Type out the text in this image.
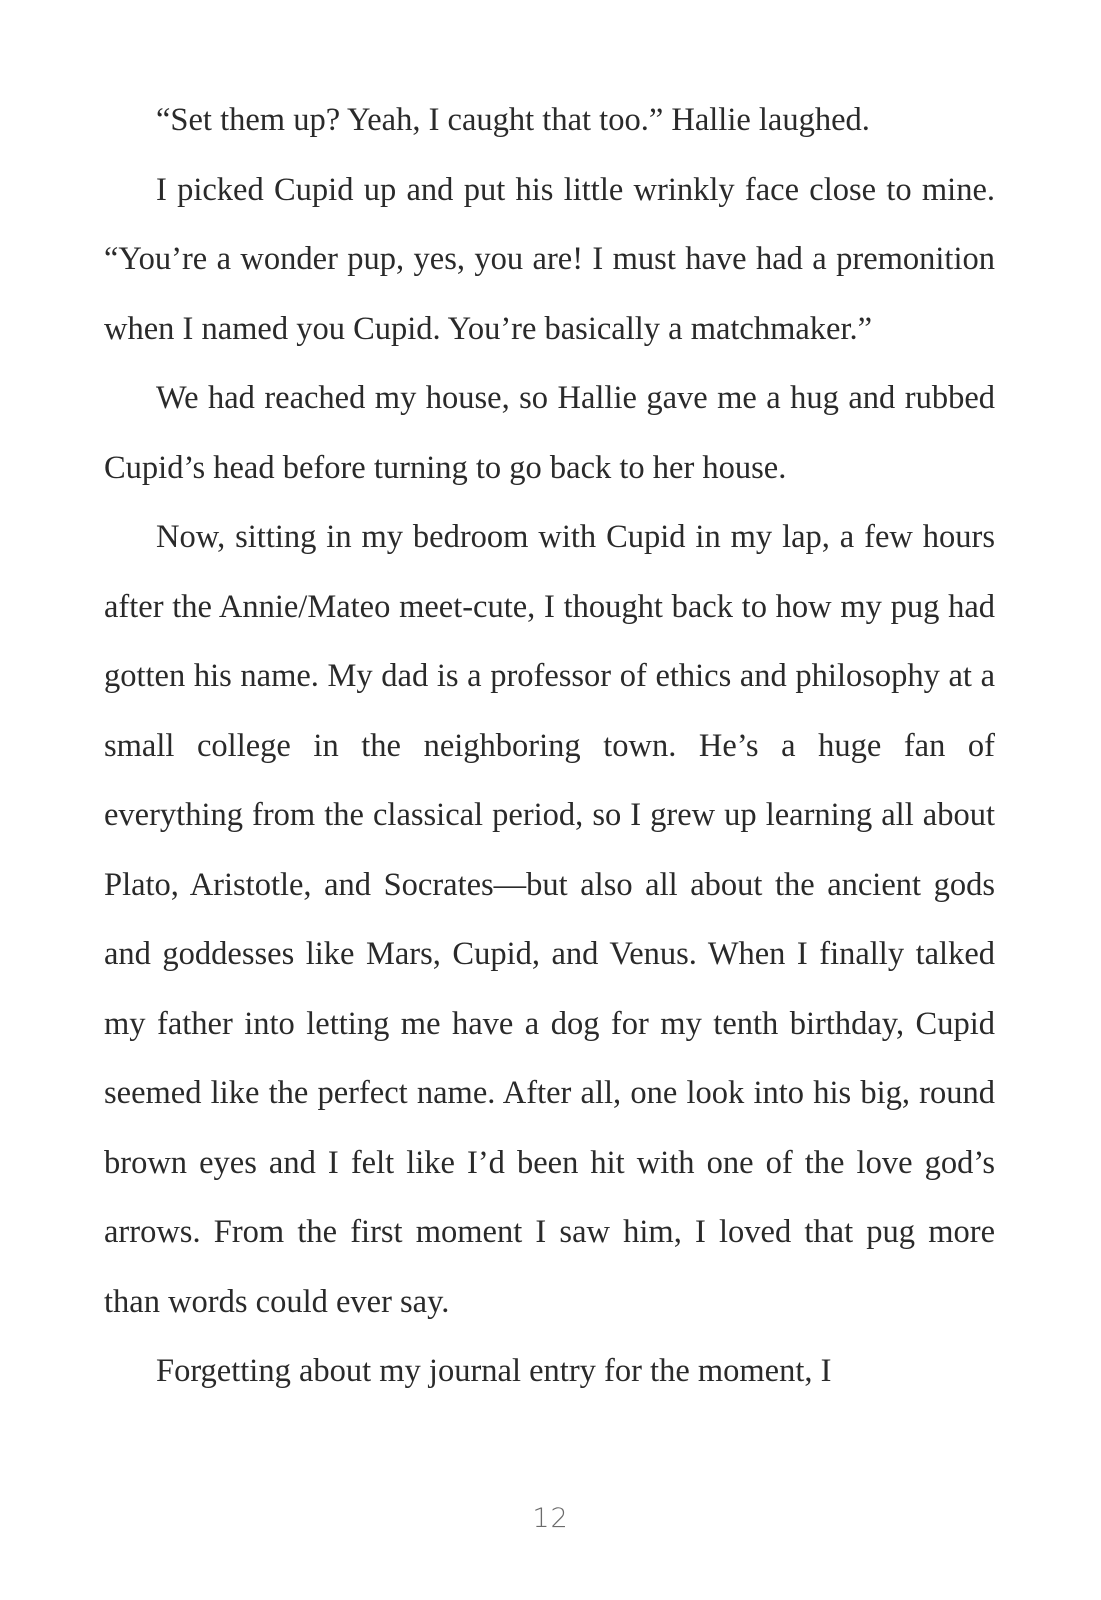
“Set them up? Yeah, I caught that too.” Hallie laughed.

I picked Cupid up and put his little wrinkly face close to mine. “You’re a wonder pup, yes, you are! I must have had a premonition when I named you Cupid. You’re basically a matchmaker.”

We had reached my house, so Hallie gave me a hug and rubbed Cupid’s head before turning to go back to her house.

Now, sitting in my bedroom with Cupid in my lap, a few hours after the Annie/Mateo meet-cute, I thought back to how my pug had gotten his name. My dad is a professor of ethics and philosophy at a small college in the neighboring town. He’s a huge fan of everything from the classical period, so I grew up learning all about Plato, Aristotle, and Socrates—but also all about the ancient gods and goddesses like Mars, Cupid, and Venus. When I finally talked my father into letting me have a dog for my tenth birthday, Cupid seemed like the perfect name. After all, one look into his big, round brown eyes and I felt like I’d been hit with one of the love god’s arrows. From the first moment I saw him, I loved that pug more than words could ever say.

Forgetting about my journal entry for the moment, I

12
